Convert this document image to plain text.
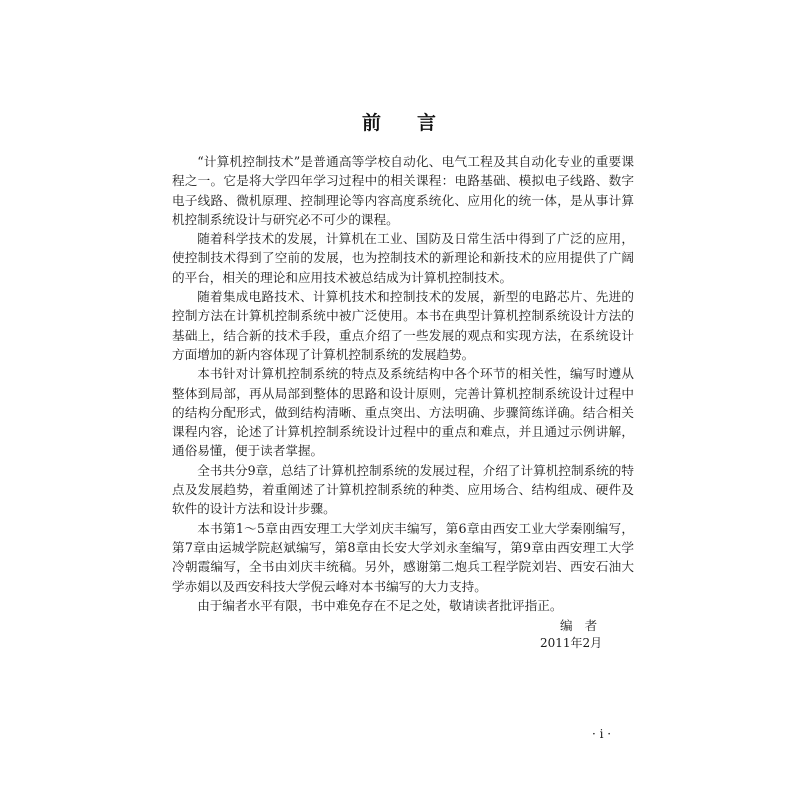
前 言

“计算机控制技术”是普通高等学校自动化、电气工程及其自动化专业的重要课程之一。它是将大学四年学习过程中的相关课程：电路基础、模拟电子线路、数字电子线路、微机原理、控制理论等内容高度系统化、应用化的统一体，是从事计算机控制系统设计与研究必不可少的课程。

随着科学技术的发展，计算机在工业、国防及日常生活中得到了广泛的应用，使控制技术得到了空前的发展，也为控制技术的新理论和新技术的应用提供了广阔的平台，相关的理论和应用技术被总结成为计算机控制技术。

随着集成电路技术、计算机技术和控制技术的发展，新型的电路芯片、先进的控制方法在计算机控制系统中被广泛使用。本书在典型计算机控制系统设计方法的基础上，结合新的技术手段，重点介绍了一些发展的观点和实现方法，在系统设计方面增加的新内容体现了计算机控制系统的发展趋势。

本书针对计算机控制系统的特点及系统结构中各个环节的相关性，编写时遵从整体到局部，再从局部到整体的思路和设计原则，完善计算机控制系统设计过程中的结构分配形式，做到结构清晰、重点突出、方法明确、步骤简练详确。结合相关课程内容，论述了计算机控制系统设计过程中的重点和难点，并且通过示例讲解，通俗易懂，便于读者掌握。

全书共分9章，总结了计算机控制系统的发展过程，介绍了计算机控制系统的特点及发展趋势，着重阐述了计算机控制系统的种类、应用场合、结构组成、硬件及软件的设计方法和设计步骤。

本书第1～5章由西安理工大学刘庆丰编写，第6章由西安工业大学秦刚编写，第7章由运城学院赵斌编写，第8章由长安大学刘永奎编写，第9章由西安理工大学冷朝霞编写，全书由刘庆丰统稿。另外，感谢第二炮兵工程学院刘岩、西安石油大学赤娟以及西安科技大学倪云峰对本书编写的大力支持。

由于编者水平有限，书中难免存在不足之处，敬请读者批评指正。

编者
2011年2月
· i ·
